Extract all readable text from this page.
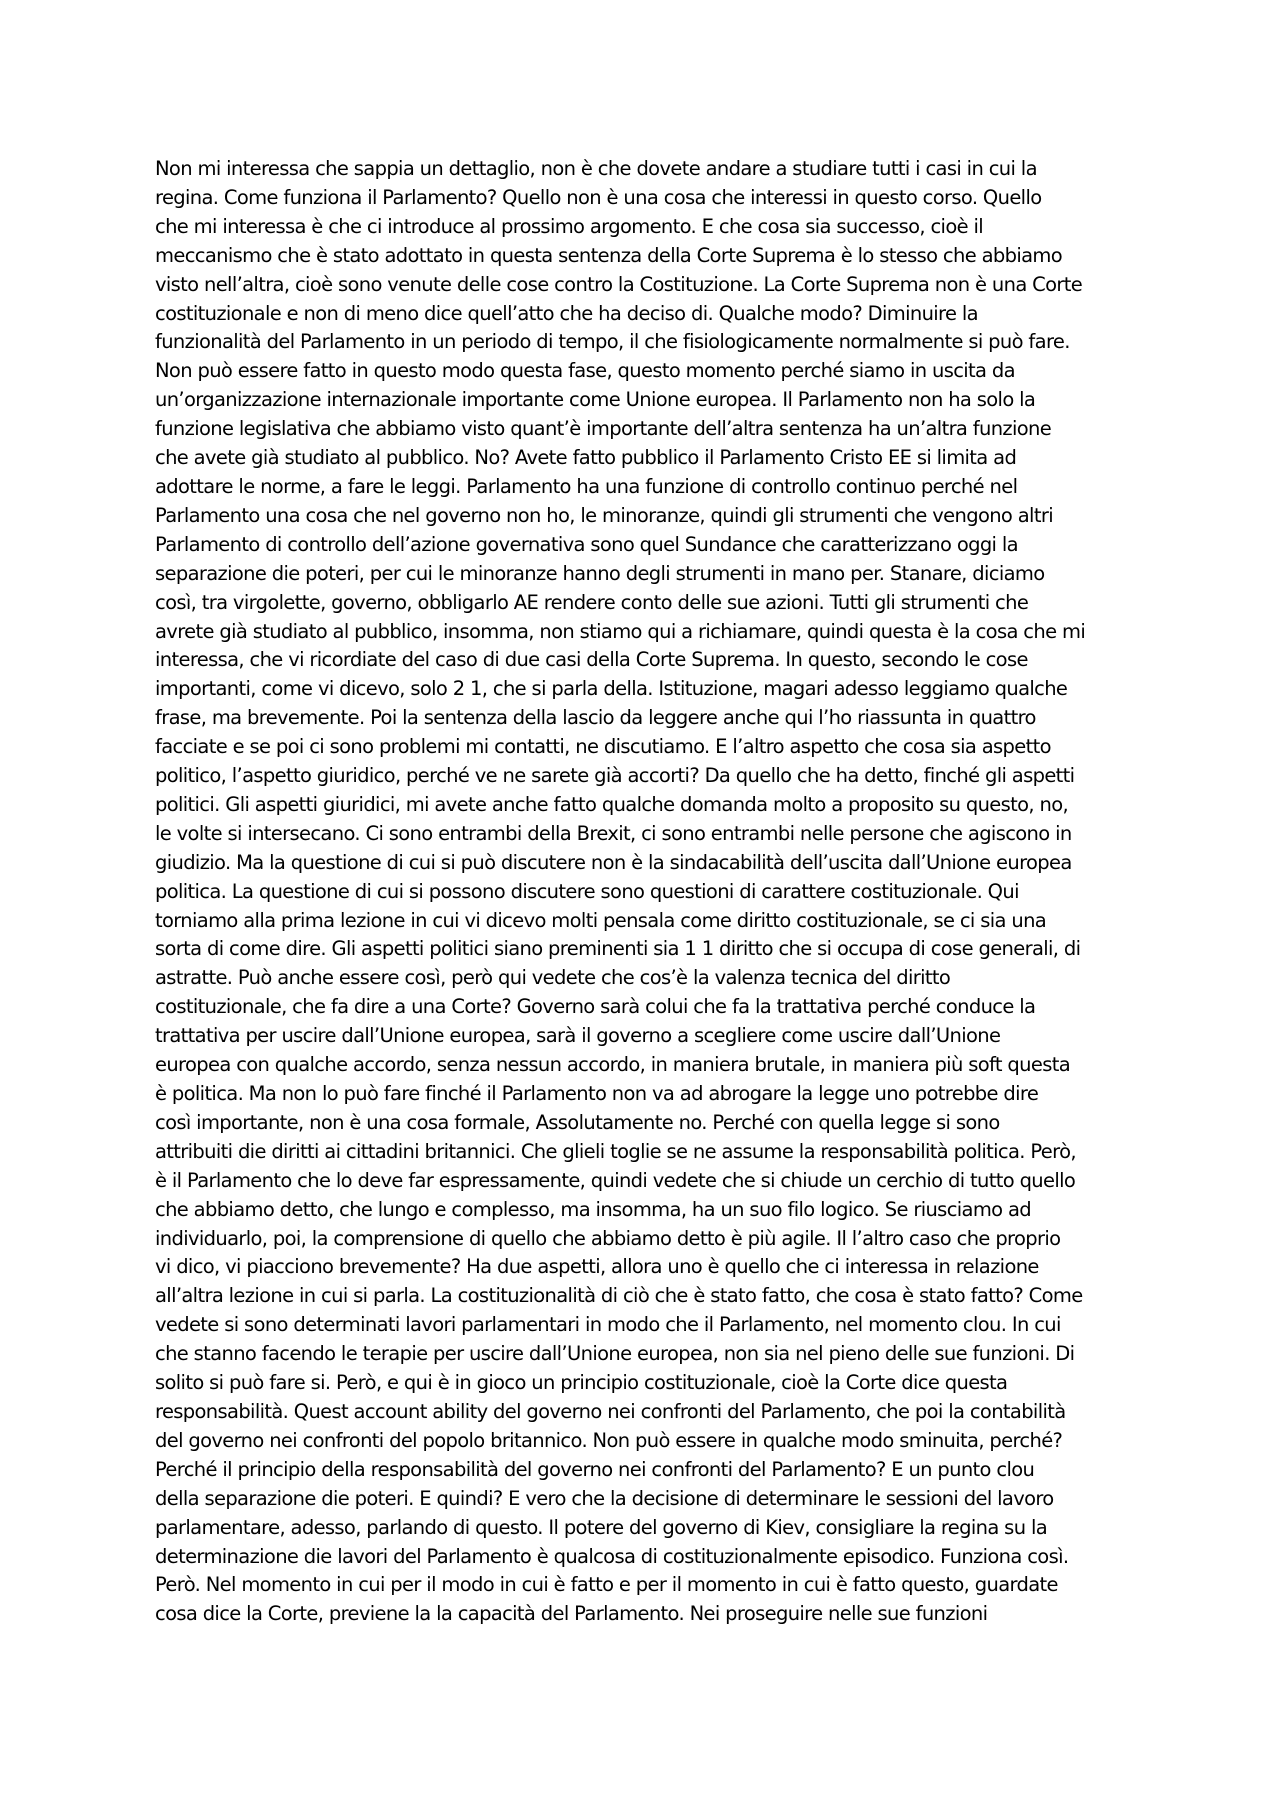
Non mi interessa che sappia un dettaglio, non è che dovete andare a studiare tutti i casi in cui la
regina. Come funziona il Parlamento? Quello non è una cosa che interessi in questo corso. Quello
che mi interessa è che ci introduce al prossimo argomento. E che cosa sia successo, cioè il
meccanismo che è stato adottato in questa sentenza della Corte Suprema è lo stesso che abbiamo
visto nell’altra, cioè sono venute delle cose contro la Costituzione. La Corte Suprema non è una Corte
costituzionale e non di meno dice quell’atto che ha deciso di. Qualche modo? Diminuire la
funzionalità del Parlamento in un periodo di tempo, il che fisiologicamente normalmente si può fare.
Non può essere fatto in questo modo questa fase, questo momento perché siamo in uscita da
un’organizzazione internazionale importante come Unione europea. Il Parlamento non ha solo la
funzione legislativa che abbiamo visto quant’è importante dell’altra sentenza ha un’altra funzione
che avete già studiato al pubblico. No? Avete fatto pubblico il Parlamento Cristo EE si limita ad
adottare le norme, a fare le leggi. Parlamento ha una funzione di controllo continuo perché nel
Parlamento una cosa che nel governo non ho, le minoranze, quindi gli strumenti che vengono altri
Parlamento di controllo dell’azione governativa sono quel Sundance che caratterizzano oggi la
separazione die poteri, per cui le minoranze hanno degli strumenti in mano per. Stanare, diciamo
così, tra virgolette, governo, obbligarlo AE rendere conto delle sue azioni. Tutti gli strumenti che
avrete già studiato al pubblico, insomma, non stiamo qui a richiamare, quindi questa è la cosa che mi
interessa, che vi ricordiate del caso di due casi della Corte Suprema. In questo, secondo le cose
importanti, come vi dicevo, solo 2 1, che si parla della. Istituzione, magari adesso leggiamo qualche
frase, ma brevemente. Poi la sentenza della lascio da leggere anche qui l’ho riassunta in quattro
facciate e se poi ci sono problemi mi contatti, ne discutiamo. E l’altro aspetto che cosa sia aspetto
politico, l’aspetto giuridico, perché ve ne sarete già accorti? Da quello che ha detto, finché gli aspetti
politici. Gli aspetti giuridici, mi avete anche fatto qualche domanda molto a proposito su questo, no,
le volte si intersecano. Ci sono entrambi della Brexit, ci sono entrambi nelle persone che agiscono in
giudizio. Ma la questione di cui si può discutere non è la sindacabilità dell’uscita dall’Unione europea
politica. La questione di cui si possono discutere sono questioni di carattere costituzionale. Qui
torniamo alla prima lezione in cui vi dicevo molti pensala come diritto costituzionale, se ci sia una
sorta di come dire. Gli aspetti politici siano preminenti sia 1 1 diritto che si occupa di cose generali, di
astratte. Può anche essere così, però qui vedete che cos’è la valenza tecnica del diritto
costituzionale, che fa dire a una Corte? Governo sarà colui che fa la trattativa perché conduce la
trattativa per uscire dall’Unione europea, sarà il governo a scegliere come uscire dall’Unione
europea con qualche accordo, senza nessun accordo, in maniera brutale, in maniera più soft questa
è politica. Ma non lo può fare finché il Parlamento non va ad abrogare la legge uno potrebbe dire
così importante, non è una cosa formale, Assolutamente no. Perché con quella legge si sono
attribuiti die diritti ai cittadini britannici. Che glieli toglie se ne assume la responsabilità politica. Però,
è il Parlamento che lo deve far espressamente, quindi vedete che si chiude un cerchio di tutto quello
che abbiamo detto, che lungo e complesso, ma insomma, ha un suo filo logico. Se riusciamo ad
individuarlo, poi, la comprensione di quello che abbiamo detto è più agile. Il l’altro caso che proprio
vi dico, vi piacciono brevemente? Ha due aspetti, allora uno è quello che ci interessa in relazione
all’altra lezione in cui si parla. La costituzionalità di ciò che è stato fatto, che cosa è stato fatto? Come
vedete si sono determinati lavori parlamentari in modo che il Parlamento, nel momento clou. In cui
che stanno facendo le terapie per uscire dall’Unione europea, non sia nel pieno delle sue funzioni. Di
solito si può fare si. Però, e qui è in gioco un principio costituzionale, cioè la Corte dice questa
responsabilità. Quest account ability del governo nei confronti del Parlamento, che poi la contabilità
del governo nei confronti del popolo britannico. Non può essere in qualche modo sminuita, perché?
Perché il principio della responsabilità del governo nei confronti del Parlamento? E un punto clou
della separazione die poteri. E quindi? E vero che la decisione di determinare le sessioni del lavoro
parlamentare, adesso, parlando di questo. Il potere del governo di Kiev, consigliare la regina su la
determinazione die lavori del Parlamento è qualcosa di costituzionalmente episodico. Funziona così.
Però. Nel momento in cui per il modo in cui è fatto e per il momento in cui è fatto questo, guardate
cosa dice la Corte, previene la la capacità del Parlamento. Nei proseguire nelle sue funzioni
